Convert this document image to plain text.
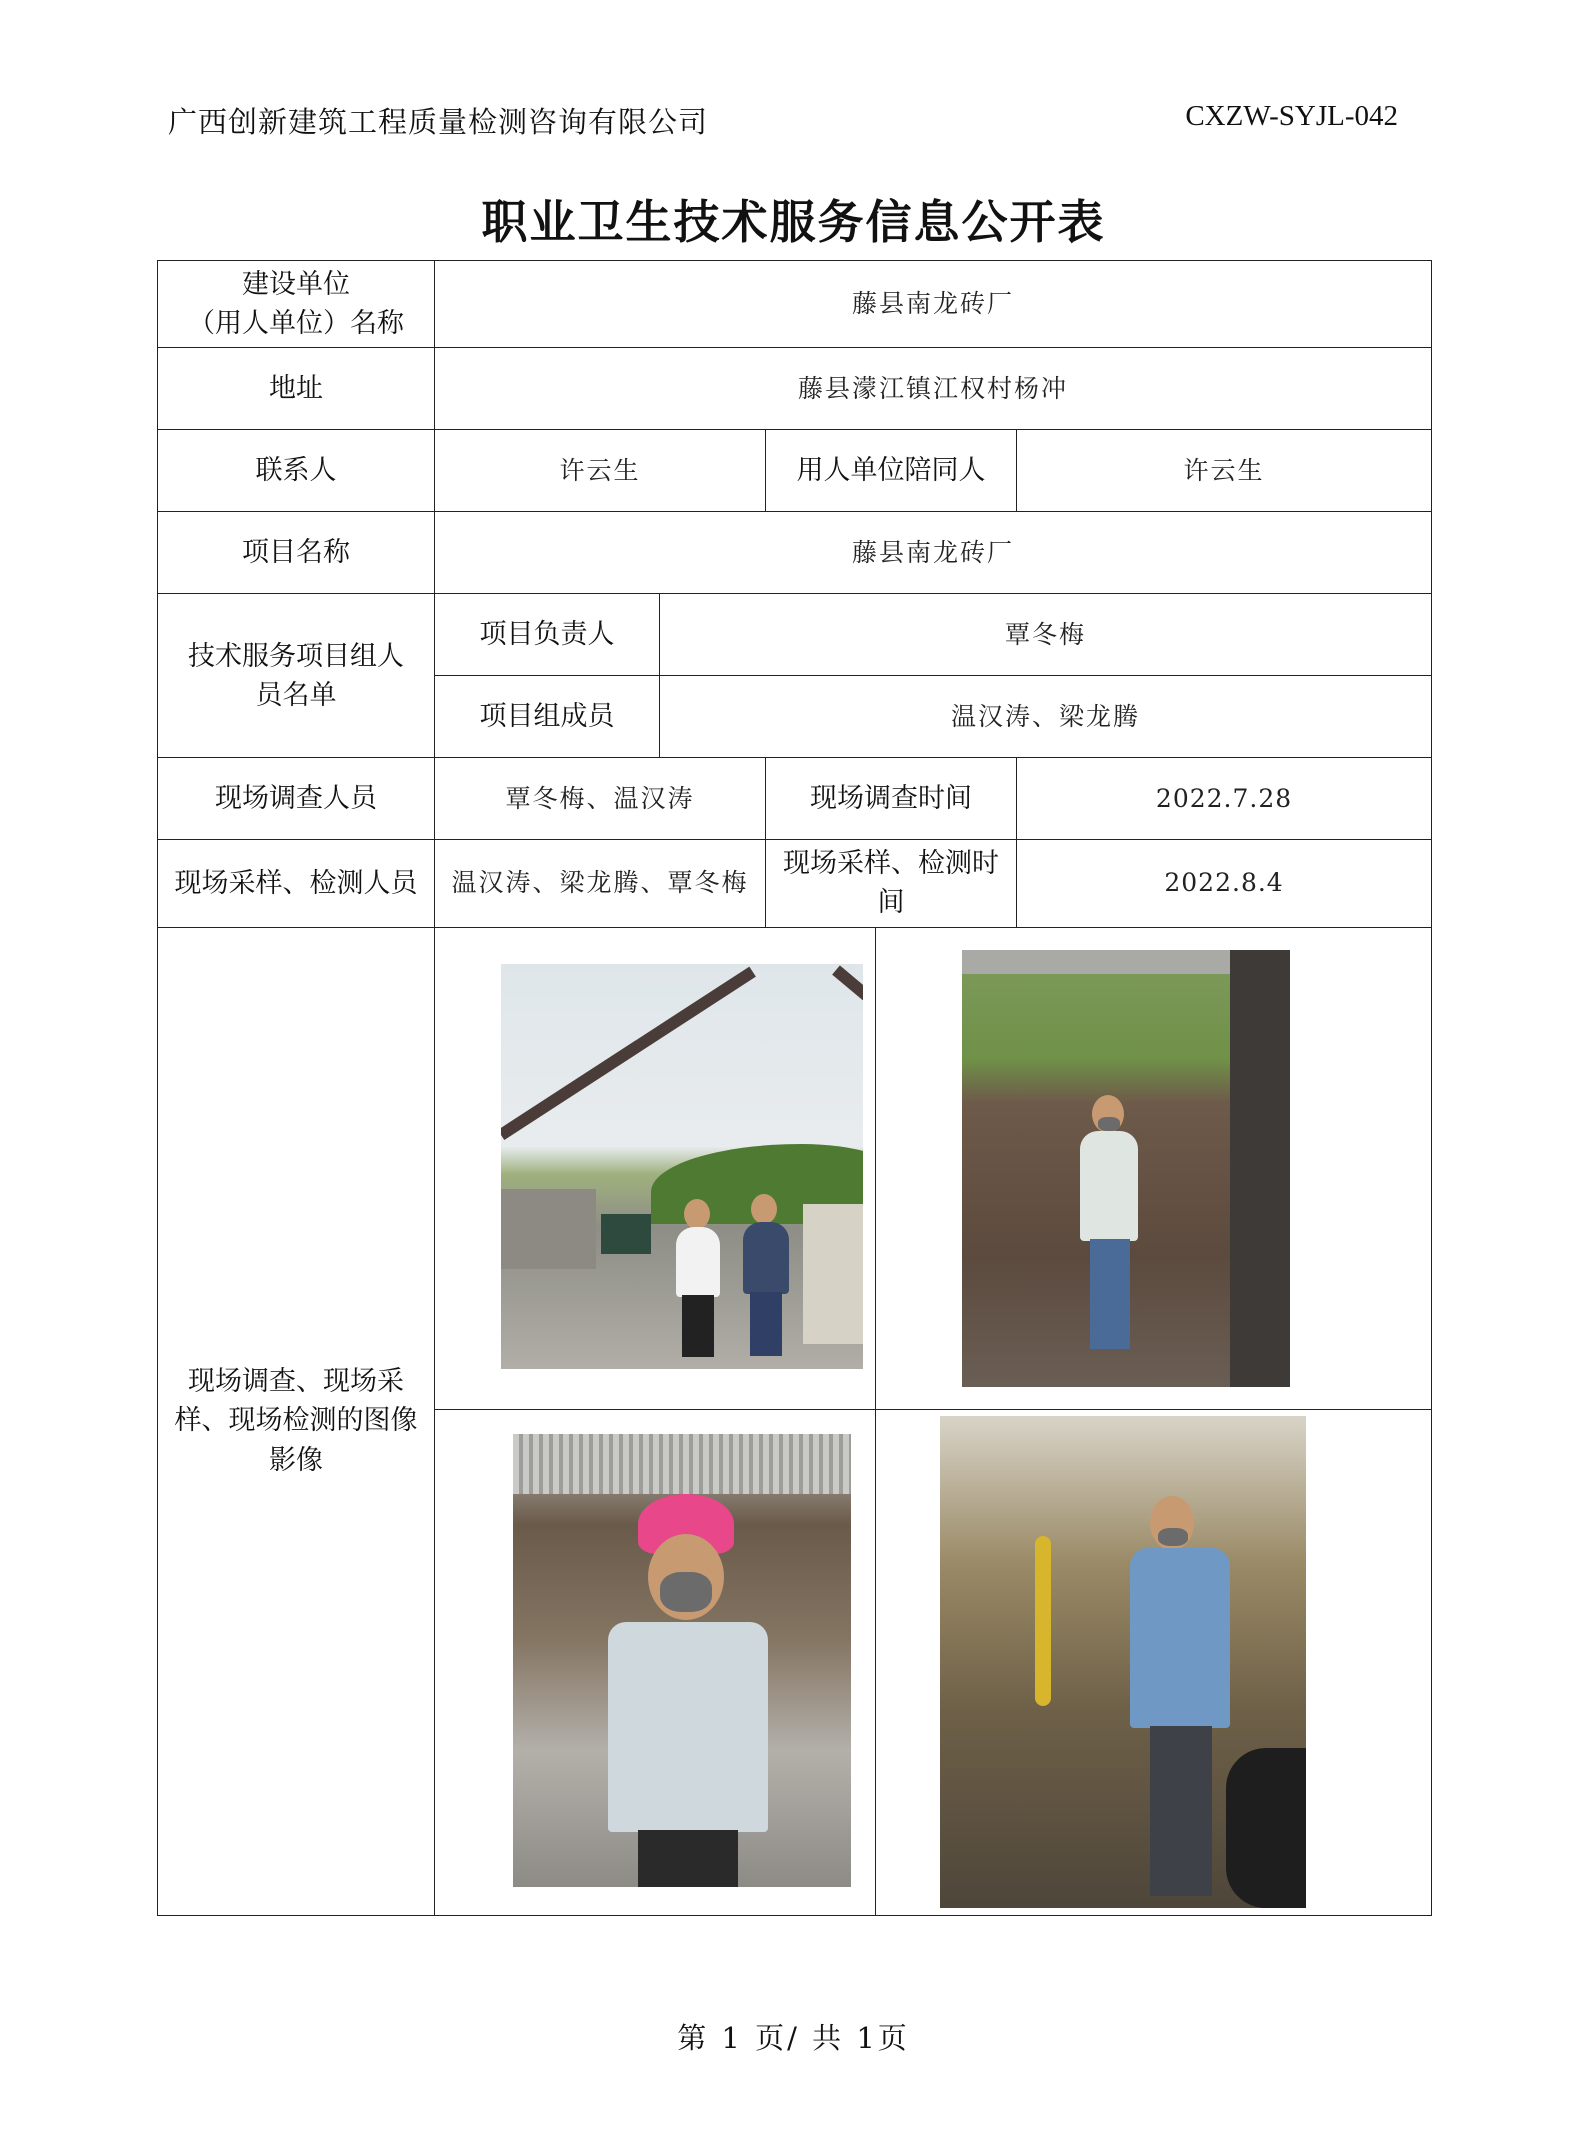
广西创新建筑工程质量检测咨询有限公司	CXZW-SYJL-042
职业卫生技术服务信息公开表
建设单位
（用人单位）名称	藤县南龙砖厂				
地址	藤县濛江镇江权村杨冲				
联系人	许云生		用人单位陪同人		许云生
项目名称	藤县南龙砖厂				
技术服务项目组人员名单	项目负责人	覃冬梅			
	项目组成员	温汉涛、梁龙腾			
现场调查人员	覃冬梅、温汉涛		现场调查时间		2022.7.28
现场采样、检测人员	温汉涛、梁龙腾、覃冬梅		现场采样、检测时间		2022.8.4
现场调查、现场采样、现场检测的图像影像				

第 1 页/ 共 1页
